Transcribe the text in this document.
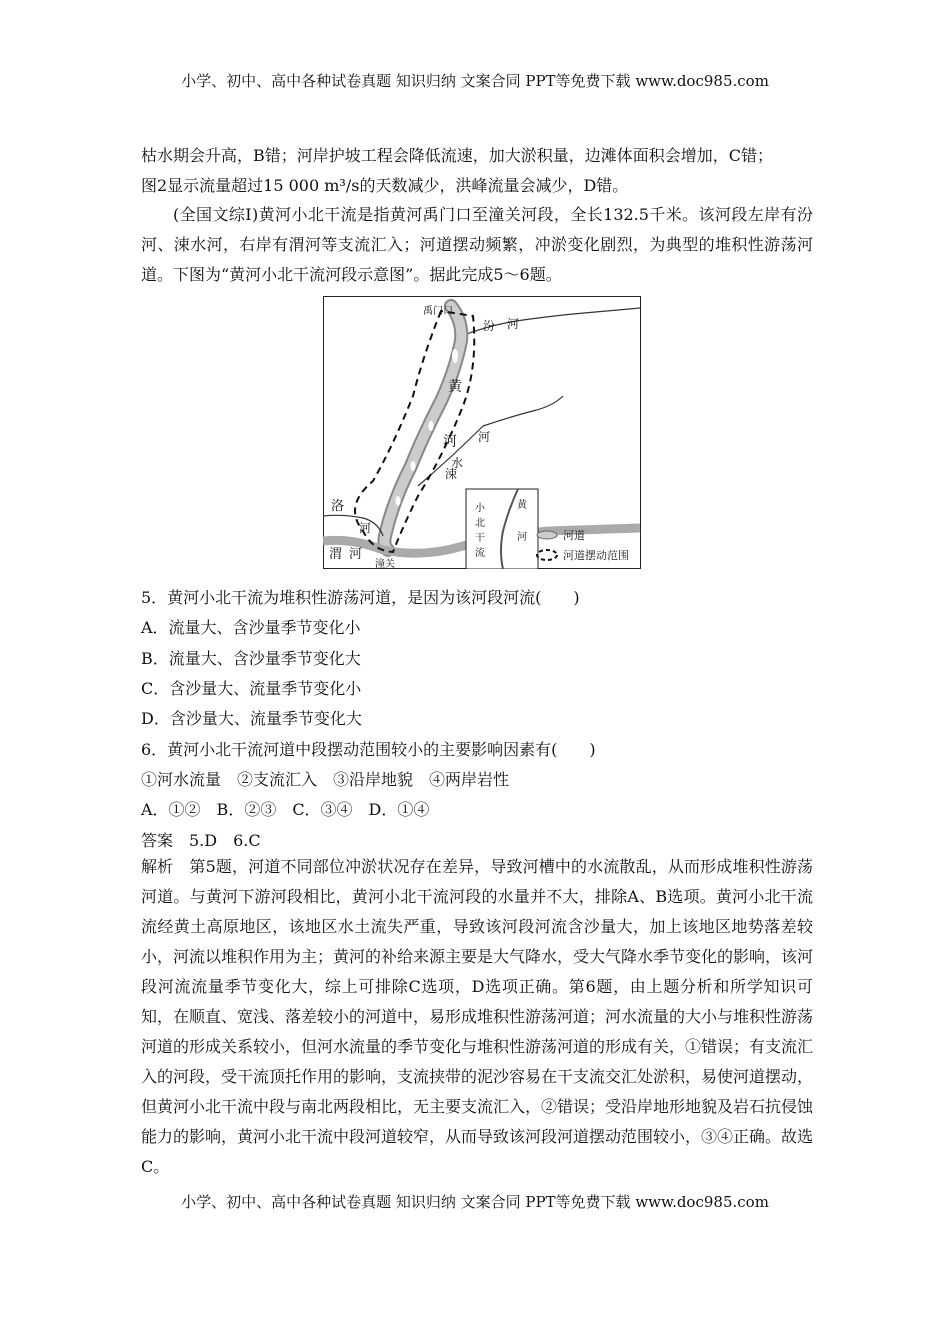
小学、初中、高中各种试卷真题 知识归纳 文案合同 PPT等免费下载 www.doc985.com
枯水期会升高，B错；河岸护坡工程会降低流速，加大淤积量，边滩体面积会增加，C错；
图2显示流量超过15 000 m³/s的天数减少，洪峰流量会减少，D错。
(全国文综Ⅰ)黄河小北干流是指黄河禹门口至潼关河段，全长132.5千米。该河段左岸有汾河、涑水河，右岸有渭河等支流汇入；河道摆动频繁，冲淤变化剧烈，为典型的堆积性游荡河道。下图为“黄河小北干流河段示意图”。据此完成5～6题。
禹门口
汾 河
黄
河 河
涑
水
洛
河
渭 河
潼关
小
北
干
流
黄
河	河道
河道摆动范围
5．黄河小北干流为堆积性游荡河道，是因为该河段河流(　　)
A．流量大、含沙量季节变化小
B．流量大、含沙量季节变化大
C．含沙量大、流量季节变化小
D．含沙量大、流量季节变化大
6．黄河小北干流河道中段摆动范围较小的主要影响因素有(　　)
①河水流量　②支流汇入　③沿岸地貌　④两岸岩性
A．①②　B．②③　C．③④　D．①④
答案　5.D　6.C
解析　第5题，河道不同部位冲淤状况存在差异，导致河槽中的水流散乱，从而形成堆积性游荡河道。与黄河下游河段相比，黄河小北干流河段的水量并不大，排除A、B选项。黄河小北干流流经黄土高原地区，该地区水土流失严重，导致该河段河流含沙量大，加上该地区地势落差较小，河流以堆积作用为主；黄河的补给来源主要是大气降水，受大气降水季节变化的影响，该河段河流流量季节变化大，综上可排除C选项，D选项正确。第6题，由上题分析和所学知识可知，在顺直、宽浅、落差较小的河道中，易形成堆积性游荡河道；河水流量的大小与堆积性游荡河道的形成关系较小，但河水流量的季节变化与堆积性游荡河道的形成有关，①错误；有支流汇入的河段，受干流顶托作用的影响，支流挟带的泥沙容易在干支流交汇处淤积，易使河道摆动，但黄河小北干流中段与南北两段相比，无主要支流汇入，②错误；受沿岸地形地貌及岩石抗侵蚀能力的影响，黄河小北干流中段河道较窄，从而导致该河段河道摆动范围较小，③④正确。故选C。
小学、初中、高中各种试卷真题 知识归纳 文案合同 PPT等免费下载 www.doc985.com
